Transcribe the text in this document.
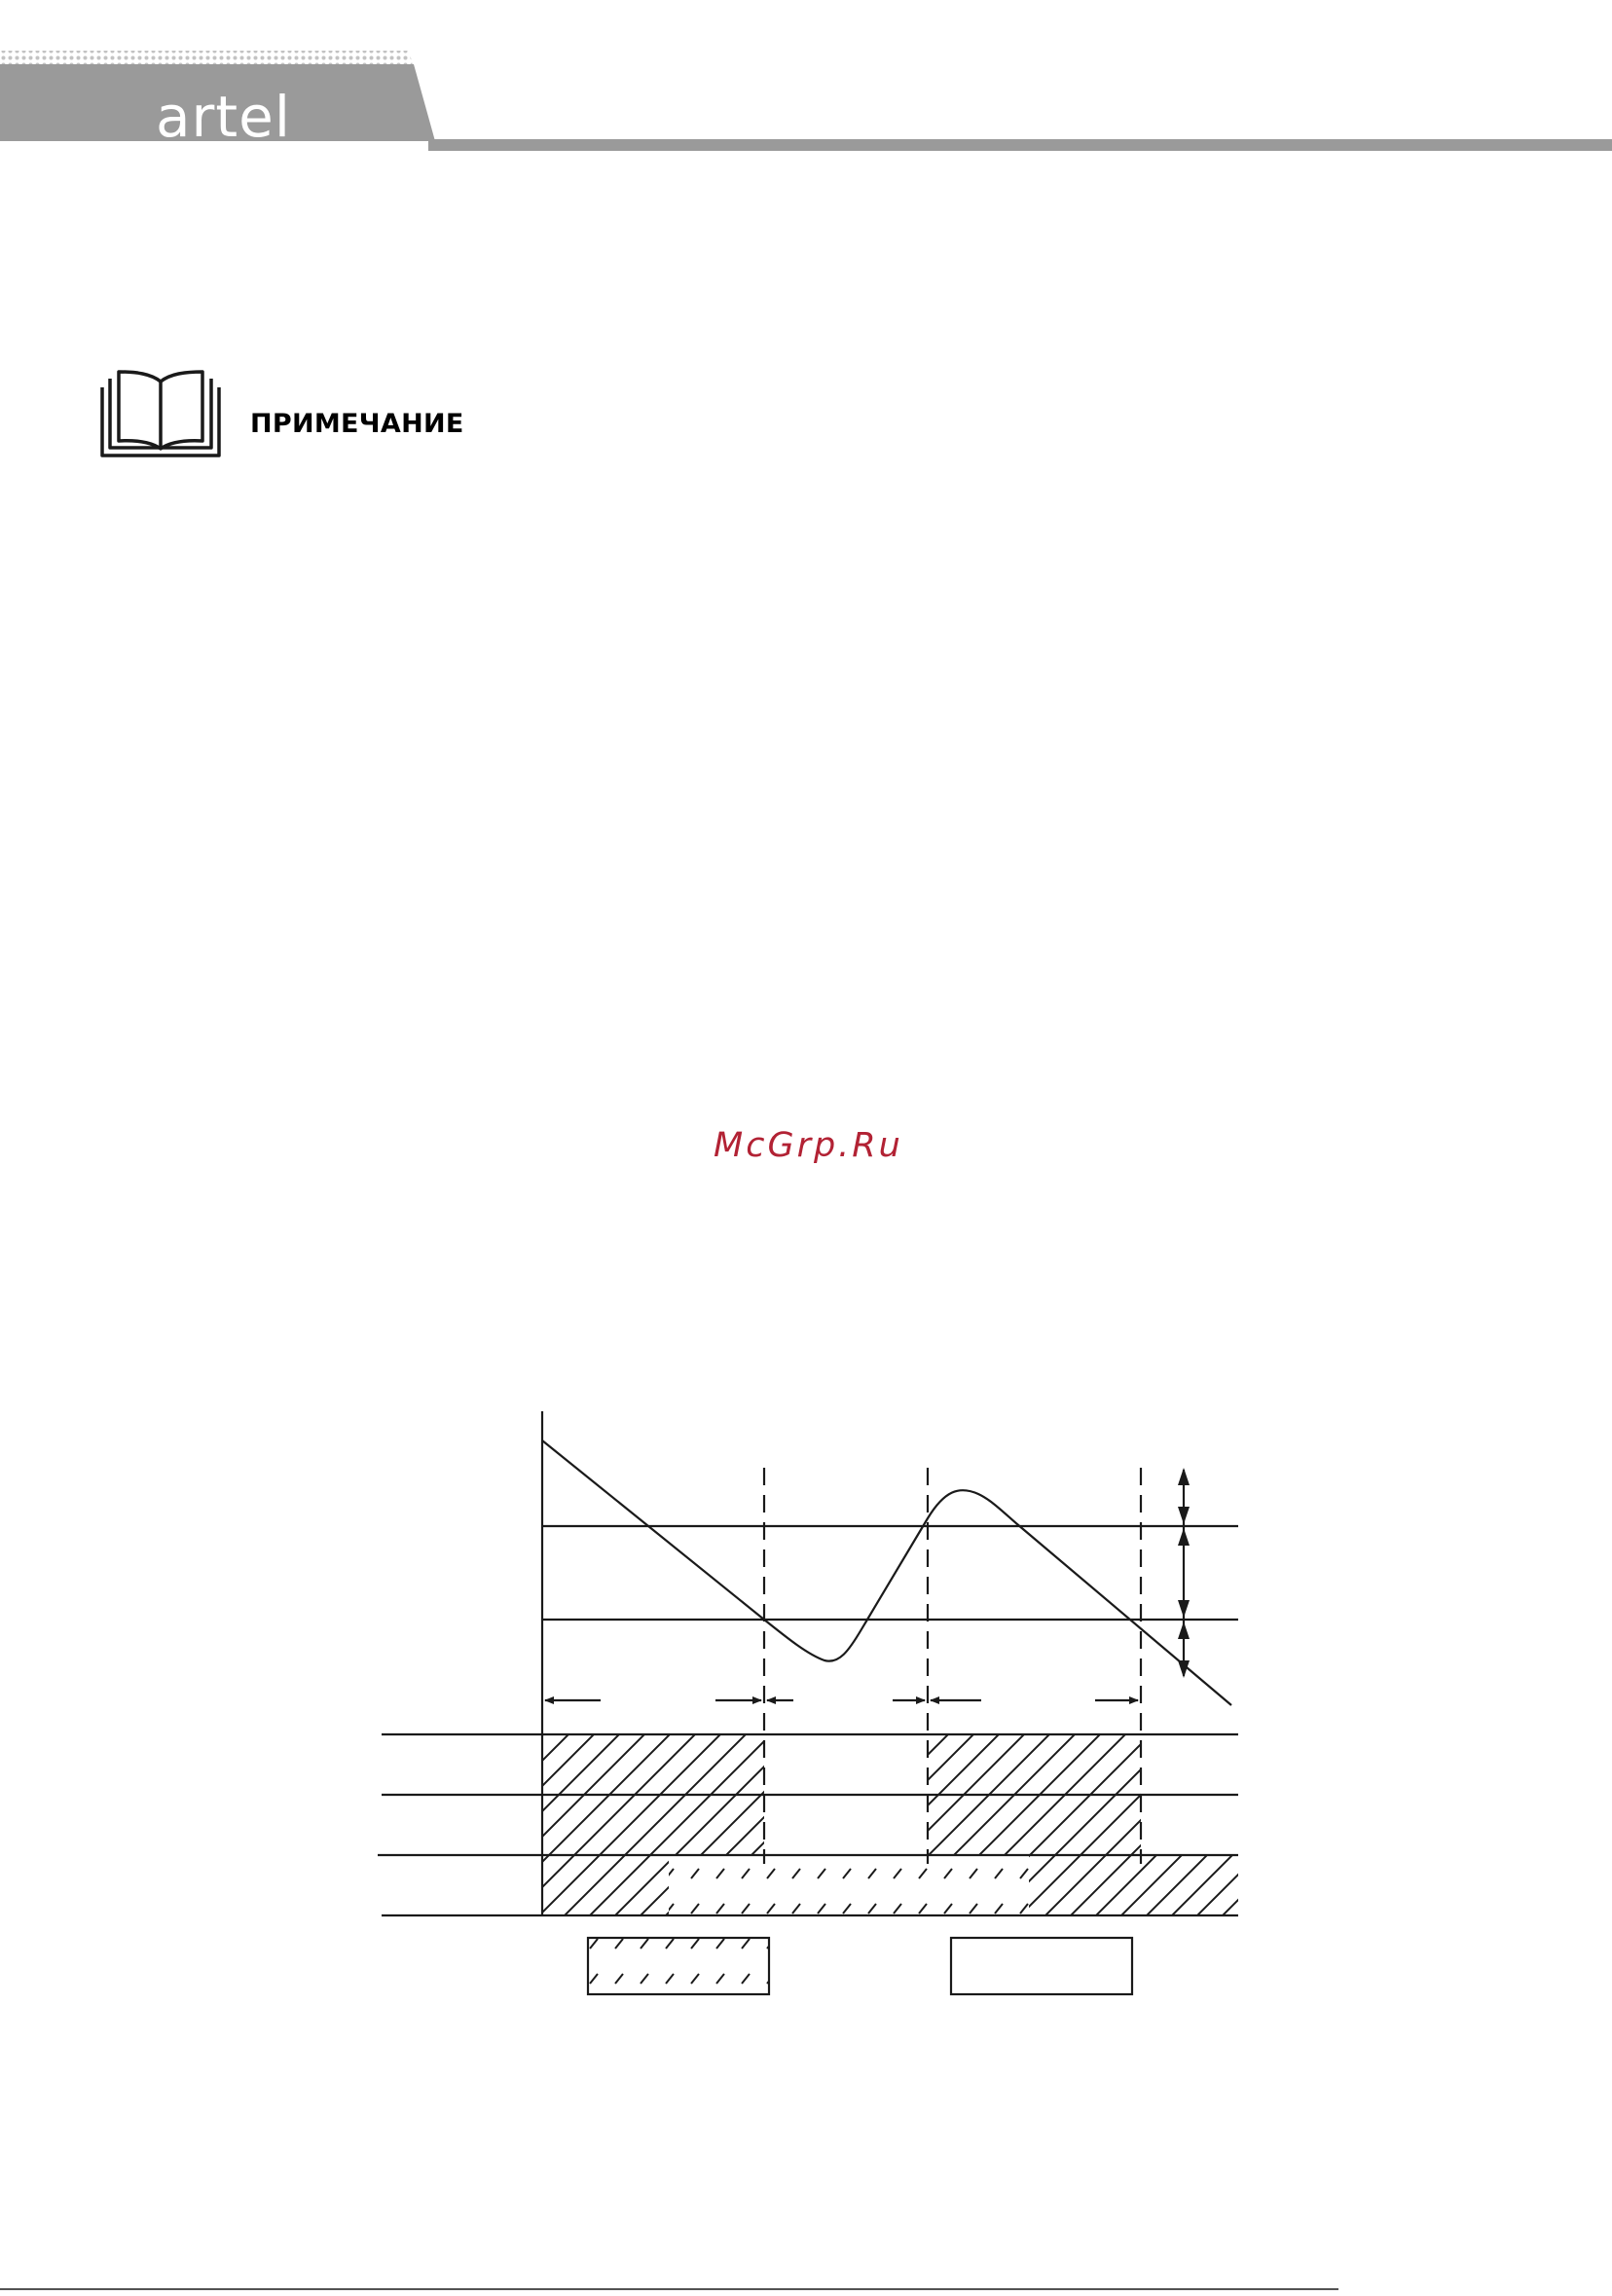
artel
ПРИМЕЧАНИЕ
McGrp.Ru
